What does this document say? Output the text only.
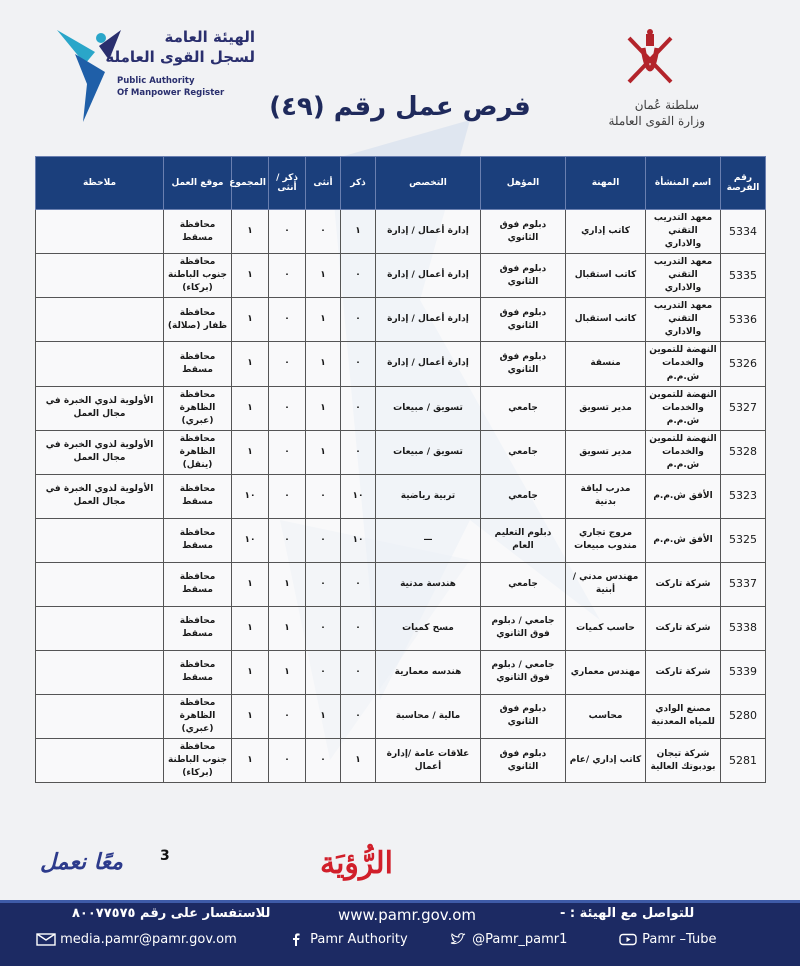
الهيئة العامة
لسجل القوى العاملة
Public Authority
Of Manpower Register
سلطنة عُمان
وزارة القوى العاملة
فرص عمل رقم (٤٩)
رقم الفرصة	اسم المنشأة	المهنة	المؤهل	التخصص	ذكر	أنثى	ذكر / أنثى	المجموع	موقع العمل	ملاحظة
5334	معهد التدريب التقني والاداري	كاتب إداري	دبلوم فوق الثانوي	إدارة أعمال / إدارة	١	٠	٠	١	محافظة مسقط	
5335	معهد التدريب التقني والاداري	كاتب استقبال	دبلوم فوق الثانوي	إدارة أعمال / إدارة	٠	١	٠	١	محافظة جنوب الباطنة (بركاء)	
5336	معهد التدريب التقني والاداري	كاتب استقبال	دبلوم فوق الثانوي	إدارة أعمال / إدارة	٠	١	٠	١	محافظة ظفار (صلالة)	
5326	النهضة للتموين والخدمات ش.م.م	منسقة	دبلوم فوق الثانوي	إدارة أعمال / إدارة	٠	١	٠	١	محافظة مسقط	
5327	النهضة للتموين والخدمات ش.م.م	مدير تسويق	جامعي	تسويق / مبيعات	٠	١	٠	١	محافظة الظاهرة (عبري)	الأولوية لذوي الخبرة في مجال العمل
5328	النهضة للتموين والخدمات ش.م.م	مدير تسويق	جامعي	تسويق / مبيعات	٠	١	٠	١	محافظة الظاهرة (ينقل)	الأولوية لذوي الخبرة في مجال العمل
5323	الأفق ش.م.م	مدرب لياقة بدنية	جامعي	تربية رياضية	١٠	٠	٠	١٠	محافظة مسقط	الأولوية لذوي الخبرة في مجال العمل
5325	الأفق ش.م.م	مروج تجاري مندوب مبيعات	دبلوم التعليم العام	—	١٠	٠	٠	١٠	محافظة مسقط	
5337	شركة تاركت	مهندس مدني / أبنية	جامعي	هندسة مدنية	٠	٠	١	١	محافظة مسقط	
5338	شركة تاركت	حاسب كميات	جامعي / دبلوم فوق الثانوي	مسح كميات	٠	٠	١	١	محافظة مسقط	
5339	شركة تاركت	مهندس معماري	جامعي / دبلوم فوق الثانوي	هندسه معمارية	٠	٠	١	١	محافظة مسقط	
5280	مصنع الوادي للمياه المعدنية	محاسب	دبلوم فوق الثانوي	مالية / محاسبة	٠	١	٠	١	محافظة الظاهرة (عبري)	
5281	شركة تيجان بودبوتك العالية	كاتب إداري /عام	دبلوم فوق الثانوي	علاقات عامة /إدارة أعمال	١	٠	٠	١	محافظة جنوب الباطنة (بركاء)	
3
معًا نعمل	الرُّؤيَة
للتواصل مع الهيئة : -
www.pamr.gov.om
للاستفسار على رقم ٨٠٠٧٧٥٧٥
media.pamr@pamr.gov.om	Pamr Authority	@Pamr_pamr1	Pamr –Tube
